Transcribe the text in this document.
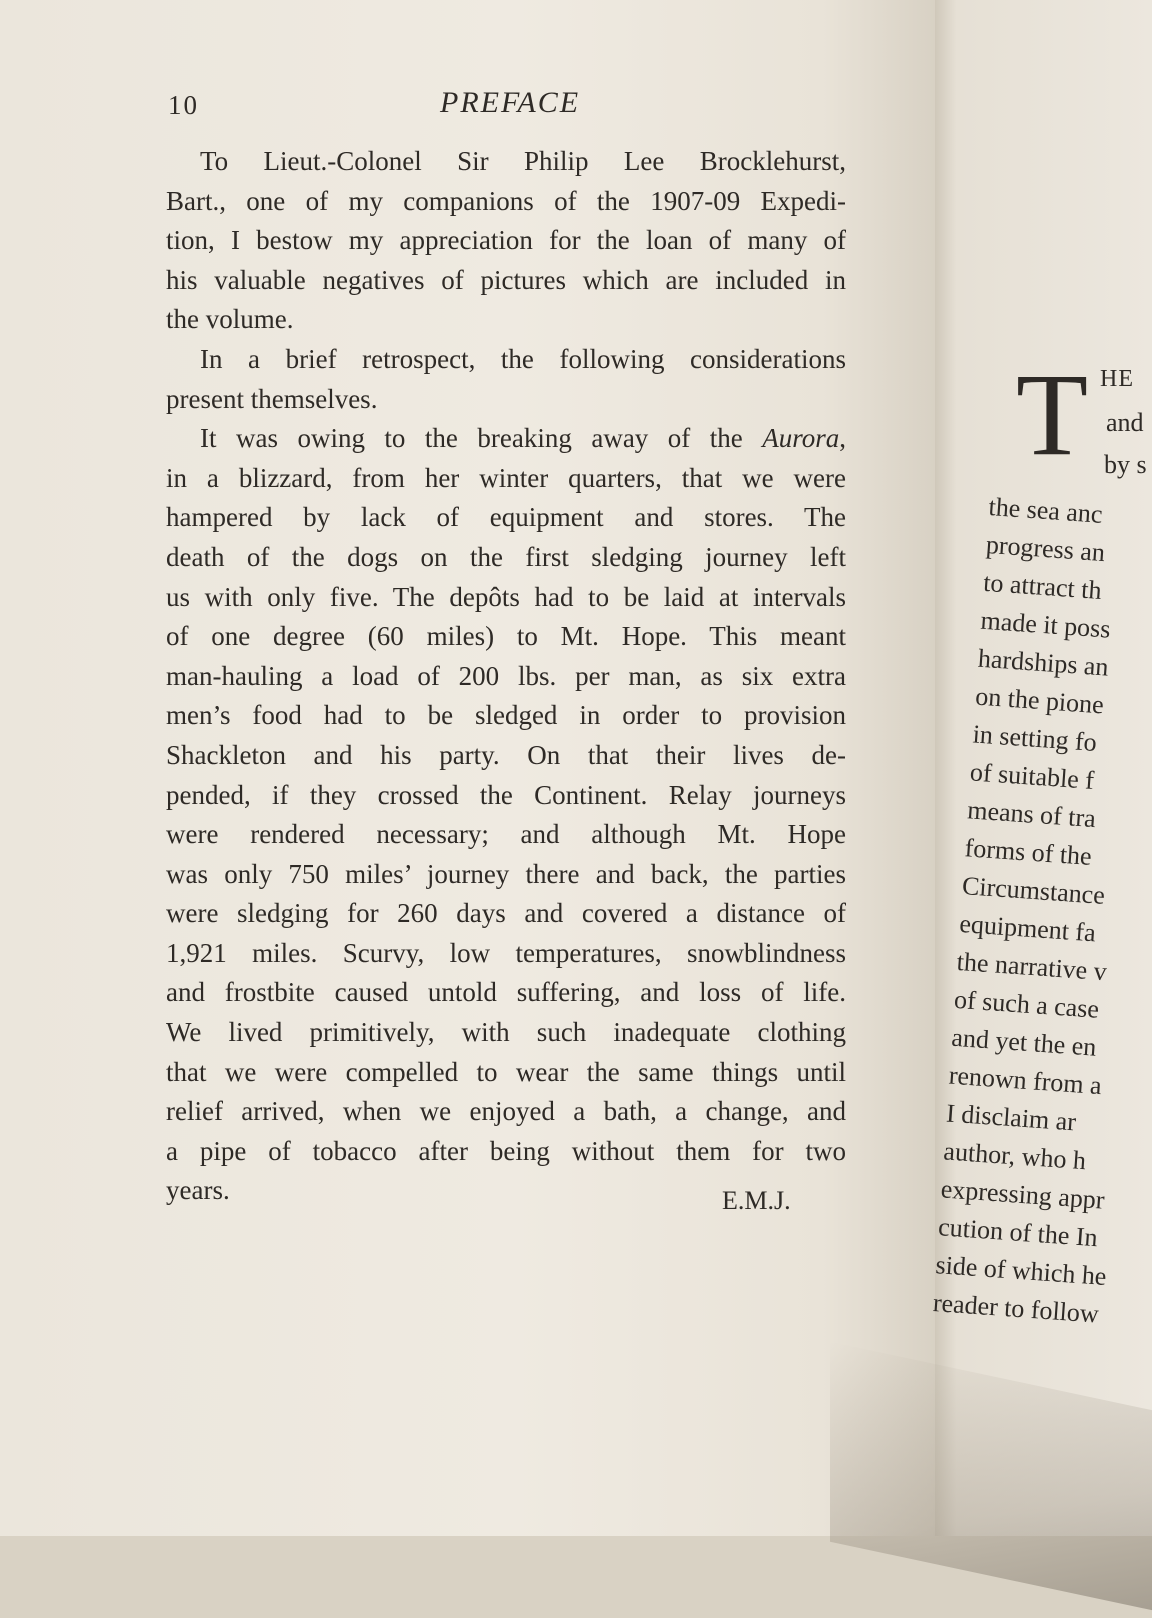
10	PREFACE
To Lieut.-Colonel Sir Philip Lee Brocklehurst,
Bart., one of my companions of the 1907-09 Expedi-
tion, I bestow my appreciation for the loan of many of
his valuable negatives of pictures which are included in
the volume.
In a brief retrospect, the following considerations
present themselves.
It was owing to the breaking away of the Aurora,
in a blizzard, from her winter quarters, that we were
hampered by lack of equipment and stores. The
death of the dogs on the first sledging journey left
us with only five. The depôts had to be laid at intervals
of one degree (60 miles) to Mt. Hope. This meant
man-hauling a load of 200 lbs. per man, as six extra
men’s food had to be sledged in order to provision
Shackleton and his party. On that their lives de-
pended, if they crossed the Continent. Relay journeys
were rendered necessary; and although Mt. Hope
was only 750 miles’ journey there and back, the parties
were sledging for 260 days and covered a distance of
1,921 miles. Scurvy, low temperatures, snowblindness
and frostbite caused untold suffering, and loss of life.
We lived primitively, with such inadequate clothing
that we were compelled to wear the same things until
relief arrived, when we enjoyed a bath, a change, and
a pipe of tobacco after being without them for two
years.	E.M.J.
T HE
and
by s
the sea anc
progress an
to attract th
made it poss
hardships an
on the pione
in setting fo
of suitable f
means of tra
forms of the
Circumstance
equipment fa
the narrative v
of such a case
and yet the en
renown from a
I disclaim ar
author, who h
expressing appr
cution of the In
side of which he
reader to follow
